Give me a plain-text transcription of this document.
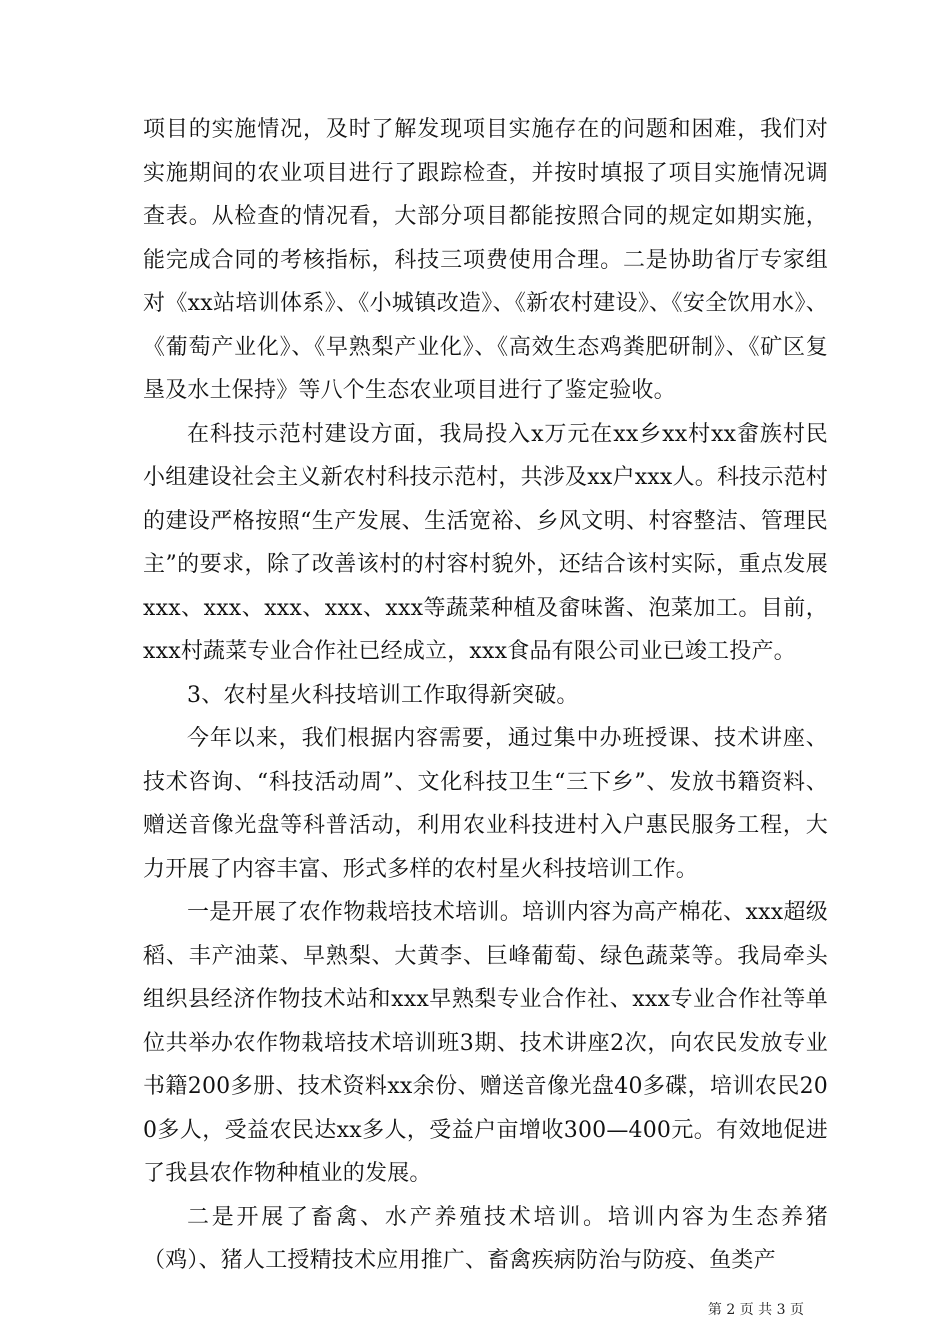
项目的实施情况，及时了解发现项目实施存在的问题和困难，我们对实施期间的农业项目进行了跟踪检查，并按时填报了项目实施情况调查表。从检查的情况看，大部分项目都能按照合同的规定如期实施，能完成合同的考核指标，科技三项费使用合理。二是协助省厅专家组对《xx站培训体系》、《小城镇改造》、《新农村建设》、《安全饮用水》、《葡萄产业化》、《早熟梨产业化》、《高效生态鸡粪肥研制》、《矿区复垦及水土保持》等八个生态农业项目进行了鉴定验收。

在科技示范村建设方面，我局投入x万元在xx乡xx村xx畲族村民小组建设社会主义新农村科技示范村，共涉及xx户xxx人。科技示范村的建设严格按照“生产发展、生活宽裕、乡风文明、村容整洁、管理民主”的要求，除了改善该村的村容村貌外，还结合该村实际，重点发展xxx、xxx、xxx、xxx、xxx等蔬菜种植及畲味酱、泡菜加工。目前，xxx村蔬菜专业合作社已经成立，xxx食品有限公司业已竣工投产。

3、农村星火科技培训工作取得新突破。

今年以来，我们根据内容需要，通过集中办班授课、技术讲座、技术咨询、“科技活动周”、文化科技卫生“三下乡”、发放书籍资料、赠送音像光盘等科普活动，利用农业科技进村入户惠民服务工程，大力开展了内容丰富、形式多样的农村星火科技培训工作。

一是开展了农作物栽培技术培训。培训内容为高产棉花、xxx超级稻、丰产油菜、早熟梨、大黄李、巨峰葡萄、绿色蔬菜等。我局牵头组织县经济作物技术站和xxx早熟梨专业合作社、xxx专业合作社等单位共举办农作物栽培技术培训班3期、技术讲座2次，向农民发放专业书籍200多册、技术资料xx余份、赠送音像光盘40多碟，培训农民200多人，受益农民达xx多人，受益户亩增收300—400元。有效地促进了我县农作物种植业的发展。

二是开展了畜禽、水产养殖技术培训。培训内容为生态养猪（鸡）、猪人工授精技术应用推广、畜禽疾病防治与防疫、鱼类产

第 2 页 共 3 页
